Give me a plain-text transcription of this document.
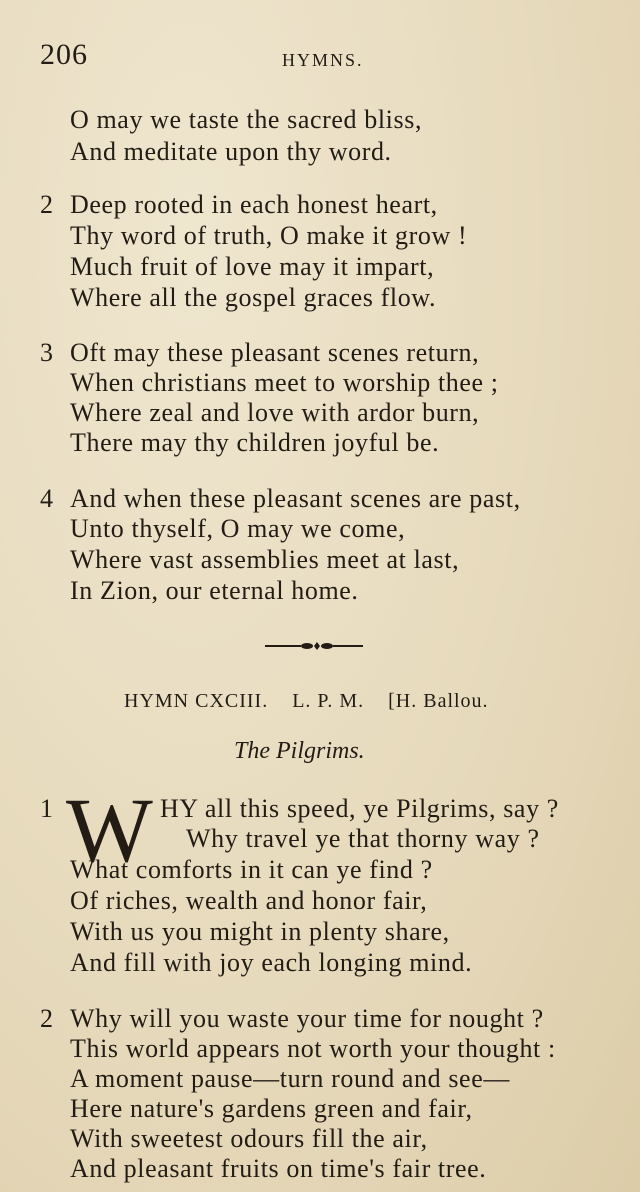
206	HYMNS.
O may we taste the sacred bliss,
And meditate upon thy word.
2 Deep rooted in each honest heart,
Thy word of truth, O make it grow !
Much fruit of love may it impart,
Where all the gospel graces flow.
3 Oft may these pleasant scenes return,
When christians meet to worship thee ;
Where zeal and love with ardor burn,
There may thy children joyful be.
4 And when these pleasant scenes are past,
Unto thyself, O may we come,
Where vast assemblies meet at last,
In Zion, our eternal home.
HYMN CXCIII. L. P. M. [H. Ballou.
The Pilgrims.
1 W HY all this speed, ye Pilgrims, say ?
Why travel ye that thorny way ?
What comforts in it can ye find ?
Of riches, wealth and honor fair,
With us you might in plenty share,
And fill with joy each longing mind.
2 Why will you waste your time for nought ?
This world appears not worth your thought :
A moment pause—turn round and see—
Here nature's gardens green and fair,
With sweetest odours fill the air,
And pleasant fruits on time's fair tree.
